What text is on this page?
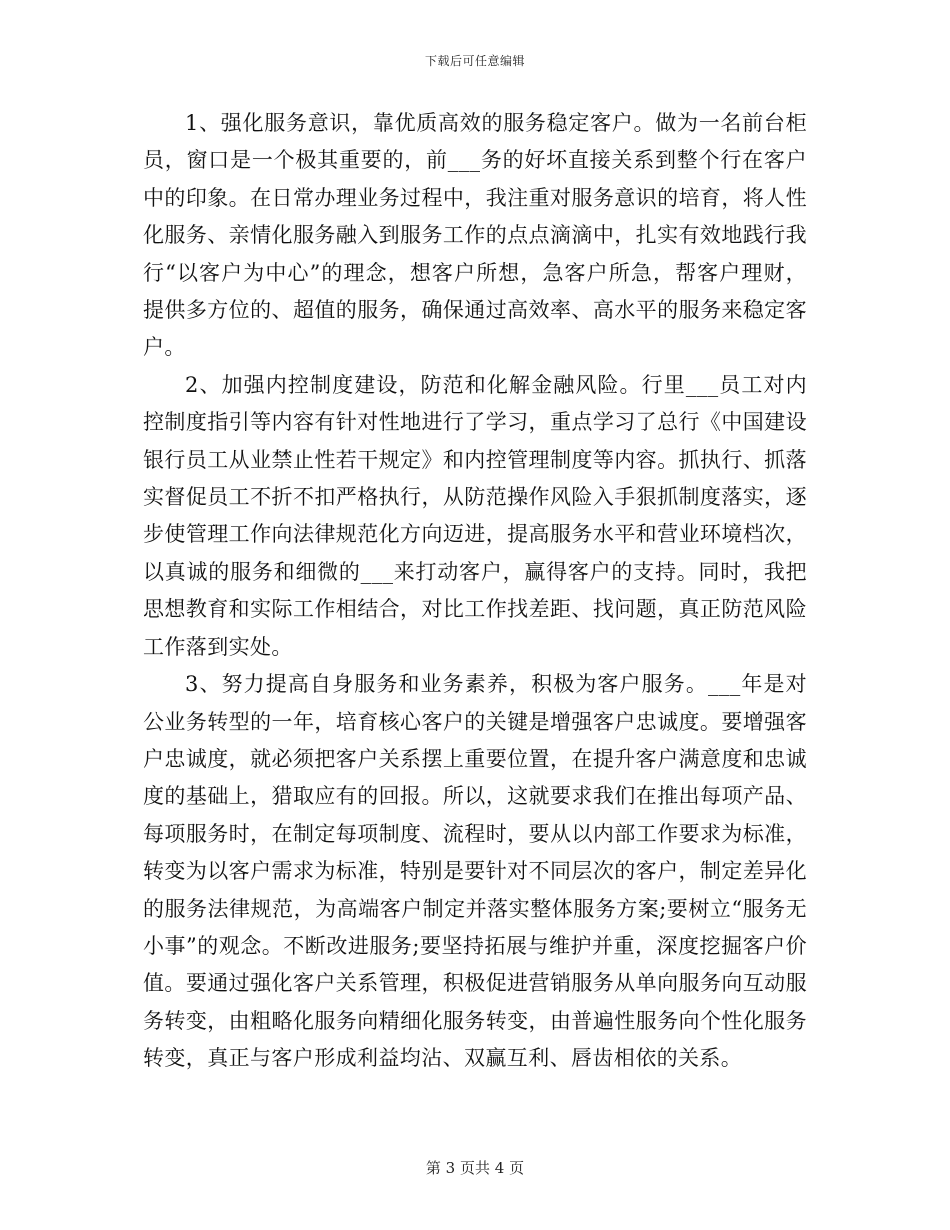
下载后可任意编辑

1、强化服务意识，靠优质高效的服务稳定客户。做为一名前台柜员，窗口是一个极其重要的，前___务的好坏直接关系到整个行在客户中的印象。在日常办理业务过程中，我注重对服务意识的培育，将人性化服务、亲情化服务融入到服务工作的点点滴滴中，扎实有效地践行我行“以客户为中心”的理念，想客户所想，急客户所急，帮客户理财，提供多方位的、超值的服务，确保通过高效率、高水平的服务来稳定客户。

2、加强内控制度建设，防范和化解金融风险。行里___员工对内控制度指引等内容有针对性地进行了学习，重点学习了总行《中国建设银行员工从业禁止性若干规定》和内控管理制度等内容。抓执行、抓落实督促员工不折不扣严格执行，从防范操作风险入手狠抓制度落实，逐步使管理工作向法律规范化方向迈进，提高服务水平和营业环境档次，以真诚的服务和细微的___来打动客户，赢得客户的支持。同时，我把思想教育和实际工作相结合，对比工作找差距、找问题，真正防范风险工作落到实处。

3、努力提高自身服务和业务素养，积极为客户服务。___年是对公业务转型的一年，培育核心客户的关键是增强客户忠诚度。要增强客户忠诚度，就必须把客户关系摆上重要位置，在提升客户满意度和忠诚度的基础上，猎取应有的回报。所以，这就要求我们在推出每项产品、每项服务时，在制定每项制度、流程时，要从以内部工作要求为标准，转变为以客户需求为标准，特别是要针对不同层次的客户，制定差异化的服务法律规范，为高端客户制定并落实整体服务方案;要树立“服务无小事”的观念。不断改进服务;要坚持拓展与维护并重，深度挖掘客户价值。要通过强化客户关系管理，积极促进营销服务从单向服务向互动服务转变，由粗略化服务向精细化服务转变，由普遍性服务向个性化服务转变，真正与客户形成利益均沾、双赢互利、唇齿相依的关系。

第 3 页共 4 页
